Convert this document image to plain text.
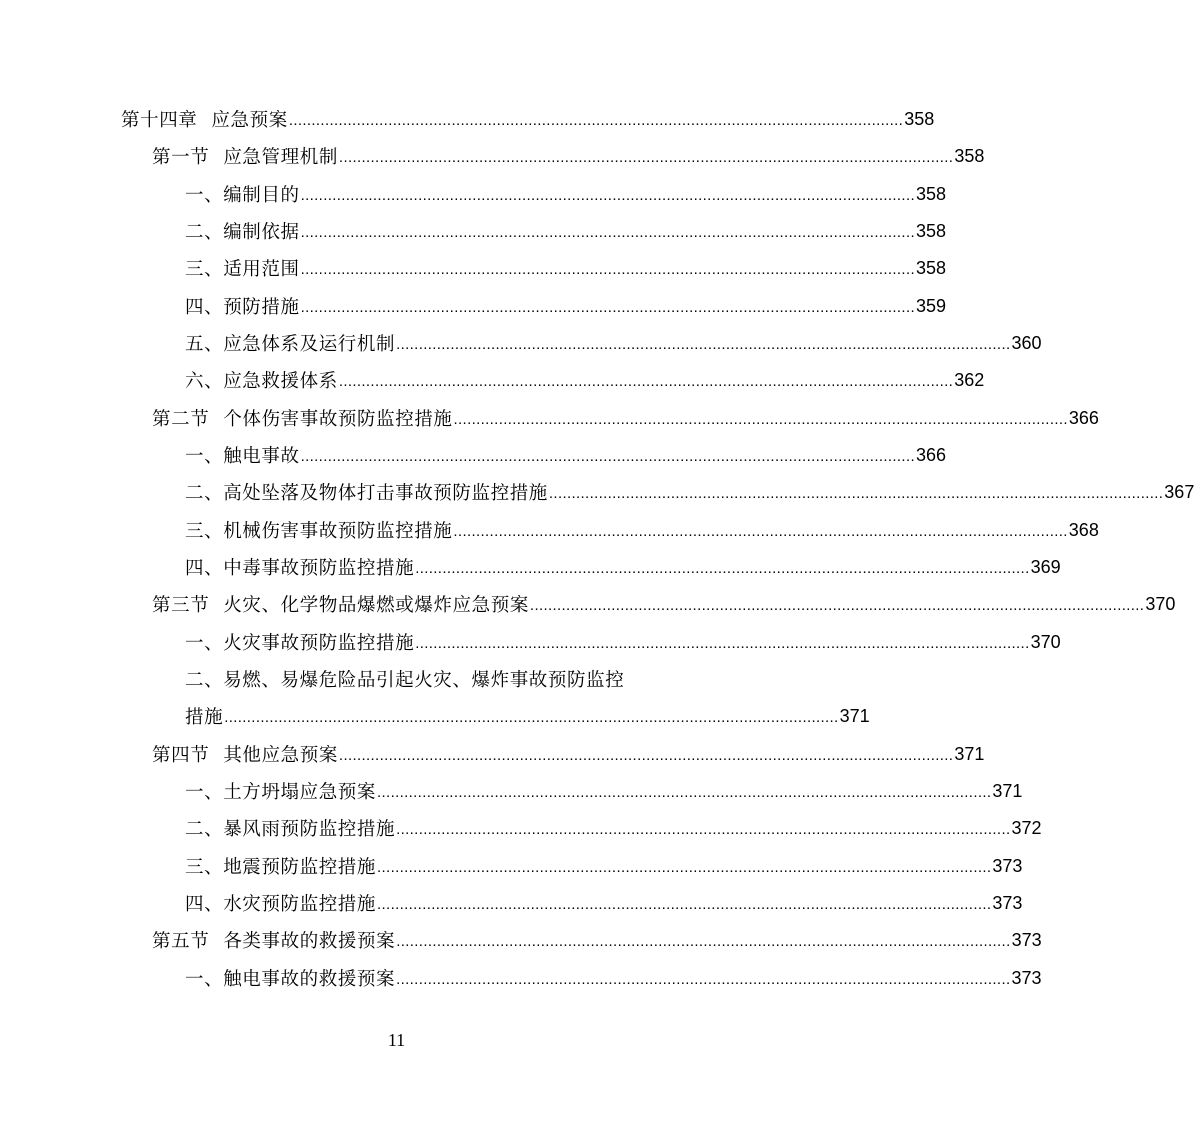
第十四章 应急预案 ........................................................................................................................................ 358
第一节 应急管理机制 ........................................................................................................................................ 358
一、 编制目的 ........................................................................................................................................ 358
二、 编制依据 ........................................................................................................................................ 358
三、 适用范围 ........................................................................................................................................ 358
四、 预防措施 ........................................................................................................................................ 359
五、 应急体系及运行机制 ........................................................................................................................................ 360
六、 应急救援体系 ........................................................................................................................................ 362
第二节 个体伤害事故预防监控措施 ........................................................................................................................................ 366
一、 触电事故 ........................................................................................................................................ 366
二、 高处坠落及物体打击事故预防监控措施 ........................................................................................................................................ 367
三、 机械伤害事故预防监控措施 ........................................................................................................................................ 368
四、 中毒事故预防监控措施 ........................................................................................................................................ 369
第三节 火灾、化学物品爆燃或爆炸应急预案 ........................................................................................................................................ 370
一、 火灾事故预防监控措施 ........................................................................................................................................ 370
二、 易燃、易爆危险品引起火灾、爆炸事故预防监控
措施 ........................................................................................................................................ 371
第四节 其他应急预案 ........................................................................................................................................ 371
一、 土方坍塌应急预案 ........................................................................................................................................ 371
二、 暴风雨预防监控措施 ........................................................................................................................................ 372
三、 地震预防监控措施 ........................................................................................................................................ 373
四、 水灾预防监控措施 ........................................................................................................................................ 373
第五节 各类事故的救援预案 ........................................................................................................................................ 373
一、 触电事故的救援预案 ........................................................................................................................................ 373
11
